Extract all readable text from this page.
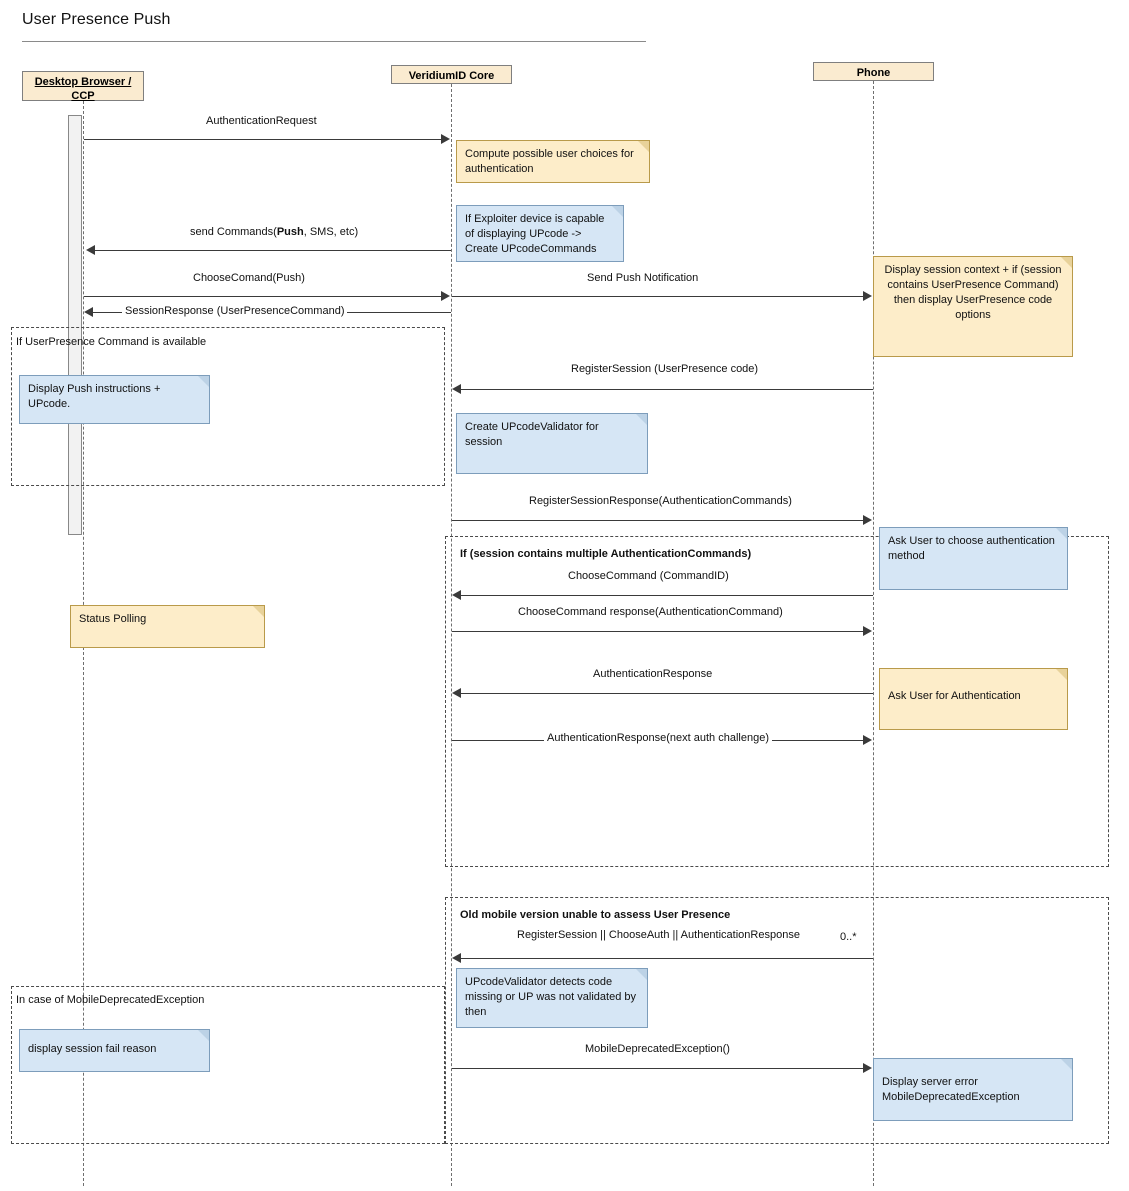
User Presence Push
Desktop Browser /
CCP
VeridiumID Core	Phone
AuthenticationRequest
send Commands(Push, SMS, etc)
ChooseComand(Push)	Send Push Notification
SessionResponse (UserPresenceCommand)
RegisterSession (UserPresence code)
RegisterSessionResponse(AuthenticationCommands)
ChooseCommand (CommandID)
ChooseCommand response(AuthenticationCommand)
AuthenticationResponse
AuthenticationResponse(next auth challenge)
RegisterSession || ChooseAuth || AuthenticationResponse	0..*
MobileDeprecatedException()
If UserPresence Command is available
If (session contains multiple AuthenticationCommands)
Old mobile version unable to assess User Presence
In case of MobileDeprecatedException
Compute possible user choices for authentication
If Exploiter device is capable of displaying UPcode -> Create UPcodeCommands
Display session context + if (session contains UserPresence Command) then display UserPresence code options
Display Push instructions + UPcode.
Create UPcodeValidator for session
Ask User to choose authentication method
Status Polling
Ask User for Authentication
UPcodeValidator detects code missing or UP was not validated by then
display session fail reason
Display server error MobileDeprecatedException
